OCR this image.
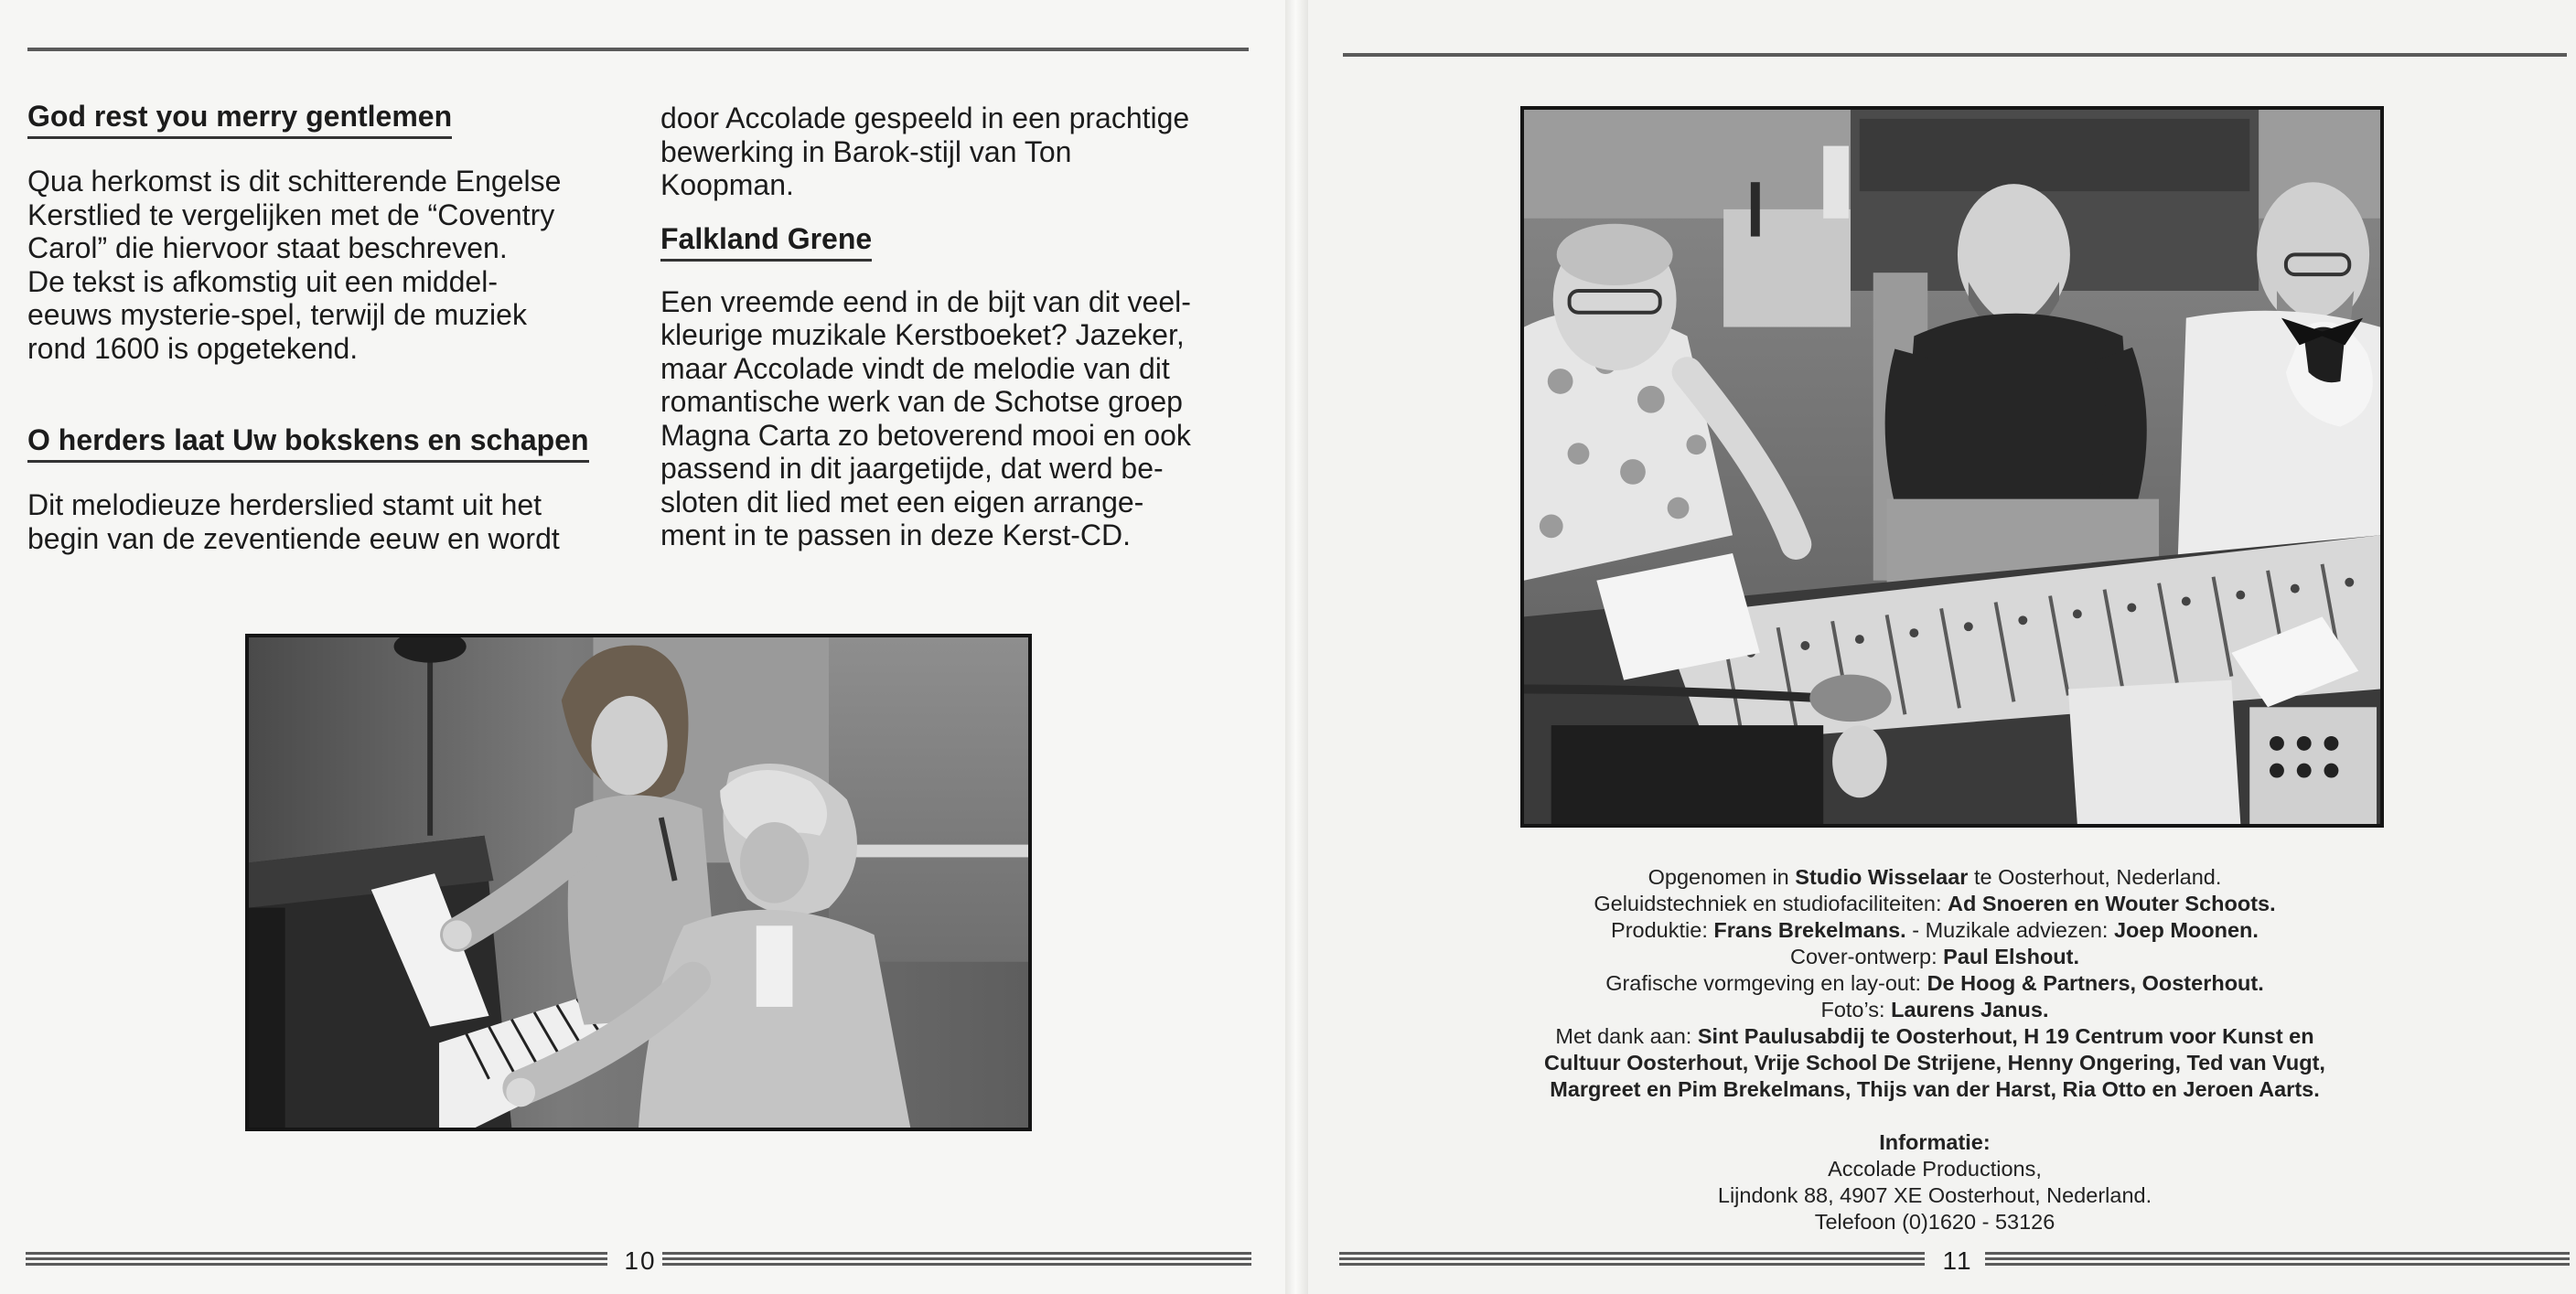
God rest you merry gentlemen

Qua herkomst is dit schitterende Engelse

Kerstlied te vergelijken met de “Coventry

Carol” die hiervoor staat beschreven.

De tekst is afkomstig uit een middel-

eeuws mysterie-spel, terwijl de muziek

rond 1600 is opgetekend.

O herders laat Uw bokskens en schapen

Dit melodieuze herderslied stamt uit het

begin van de zeventiende eeuw en wordt

door Accolade gespeeld in een prachtige

bewerking in Barok-stijl van Ton

Koopman.

Falkland Grene

Een vreemde eend in de bijt van dit veel-

kleurige muzikale Kerstboeket? Jazeker,

maar Accolade vindt de melodie van dit

romantische werk van de Schotse groep

Magna Carta zo betoverend mooi en ook

passend in dit jaargetijde, dat werd be-

sloten dit lied met een eigen arrange-

ment in te passen in deze Kerst-CD.

10
Opgenomen in Studio Wisselaar te Oosterhout, Nederland.
Geluidstechniek en studiofaciliteiten: Ad Snoeren en Wouter Schoots.
Produktie: Frans Brekelmans. - Muzikale adviezen: Joep Moonen.
Cover-ontwerp: Paul Elshout.
Grafische vormgeving en lay-out: De Hoog & Partners, Oosterhout.
Foto’s: Laurens Janus.
Met dank aan: Sint Paulusabdij te Oosterhout, H 19 Centrum voor Kunst en
Cultuur Oosterhout, Vrije School De Strijene, Henny Ongering, Ted van Vugt,
Margreet en Pim Brekelmans, Thijs van der Harst, Ria Otto en Jeroen Aarts.
Informatie:
Accolade Productions,
Lijndonk 88, 4907 XE Oosterhout, Nederland.
Telefoon (0)1620 - 53126
11
